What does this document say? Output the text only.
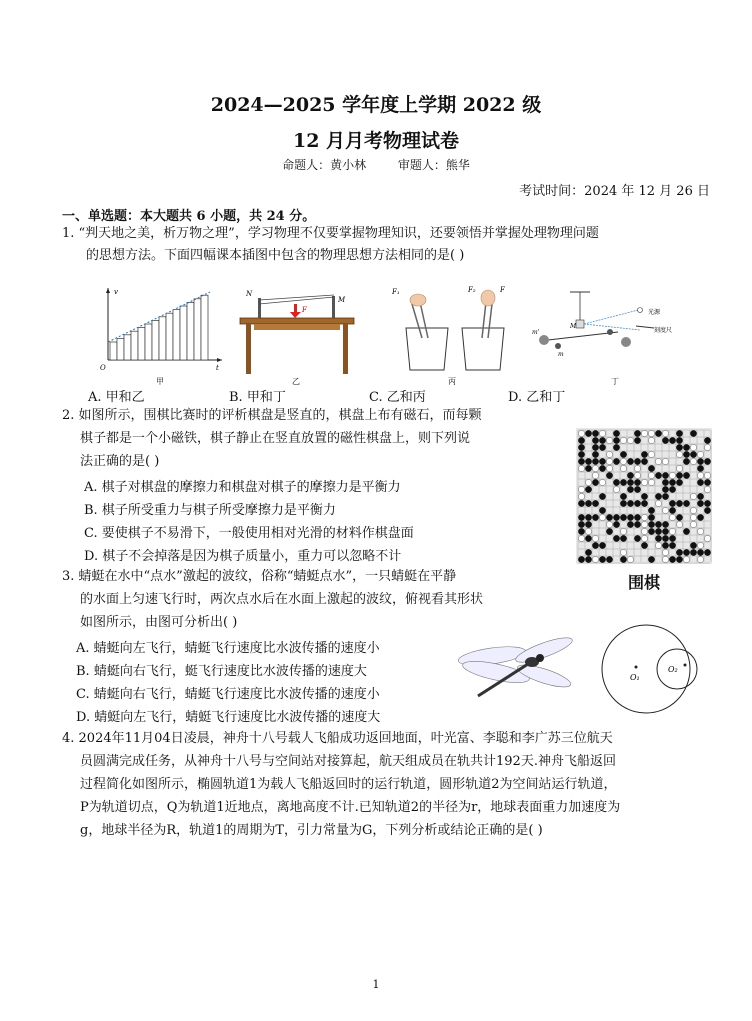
2024—2025 学年度上学期 2022 级
12 月月考物理试卷
命题人：黄小林	审题人：熊华
考试时间：2024 年 12 月 26 日
一、单选题：本大题共 6 小题，共 24 分。
1. “判天地之美，析万物之理”，学习物理不仅要掌握物理知识，还要领悟并掌握处理物理问题
的思想方法。下面四幅课本插图中包含的物理思想方法相同的是( )
v
t
O
甲
N
M
F
乙
F₁	F₂	F
丙
光源
刻度尺
m'
m
M
丁
A. 甲和乙	B. 甲和丁	C. 乙和丙	D. 乙和丁
2. 如图所示，围棋比赛时的评析棋盘是竖直的，棋盘上布有磁石，而每颗
棋子都是一个小磁铁，棋子静止在竖直放置的磁性棋盘上，则下列说
法正确的是( )
A. 棋子对棋盘的摩擦力和棋盘对棋子的摩擦力是平衡力
B. 棋子所受重力与棋子所受摩擦力是平衡力
C. 要使棋子不易滑下，一般使用相对光滑的材料作棋盘面
D. 棋子不会掉落是因为棋子质量小，重力可以忽略不计
围棋
3. 蜻蜓在水中“点水”激起的波纹，俗称“蜻蜓点水”，一只蜻蜓在平静
的水面上匀速飞行时，两次点水后在水面上激起的波纹，俯视看其形状
如图所示，由图可分析出( )
A. 蜻蜓向左飞行，蜻蜓飞行速度比水波传播的速度小
B. 蜻蜓向右飞行，蜓飞行速度比水波传播的速度大
C. 蜻蜓向右飞行，蜻蜓飞行速度比水波传播的速度小
D. 蜻蜓向左飞行，蜻蜓飞行速度比水波传播的速度大
O₁
O₂
4. 2024年11月04日凌晨，神舟十八号载人飞船成功返回地面，叶光富、李聪和李广苏三位航天
员圆满完成任务，从神舟十八号与空间站对接算起，航天组成员在轨共计192天.神舟飞船返回
过程简化如图所示，椭圆轨道1为载人飞船返回时的运行轨道，圆形轨道2为空间站运行轨道，
P为轨道切点，Q为轨道1近地点，离地高度不计.已知轨道2的半径为r，地球表面重力加速度为
g，地球半径为R，轨道1的周期为T，引力常量为G，下列分析或结论正确的是( )
1
